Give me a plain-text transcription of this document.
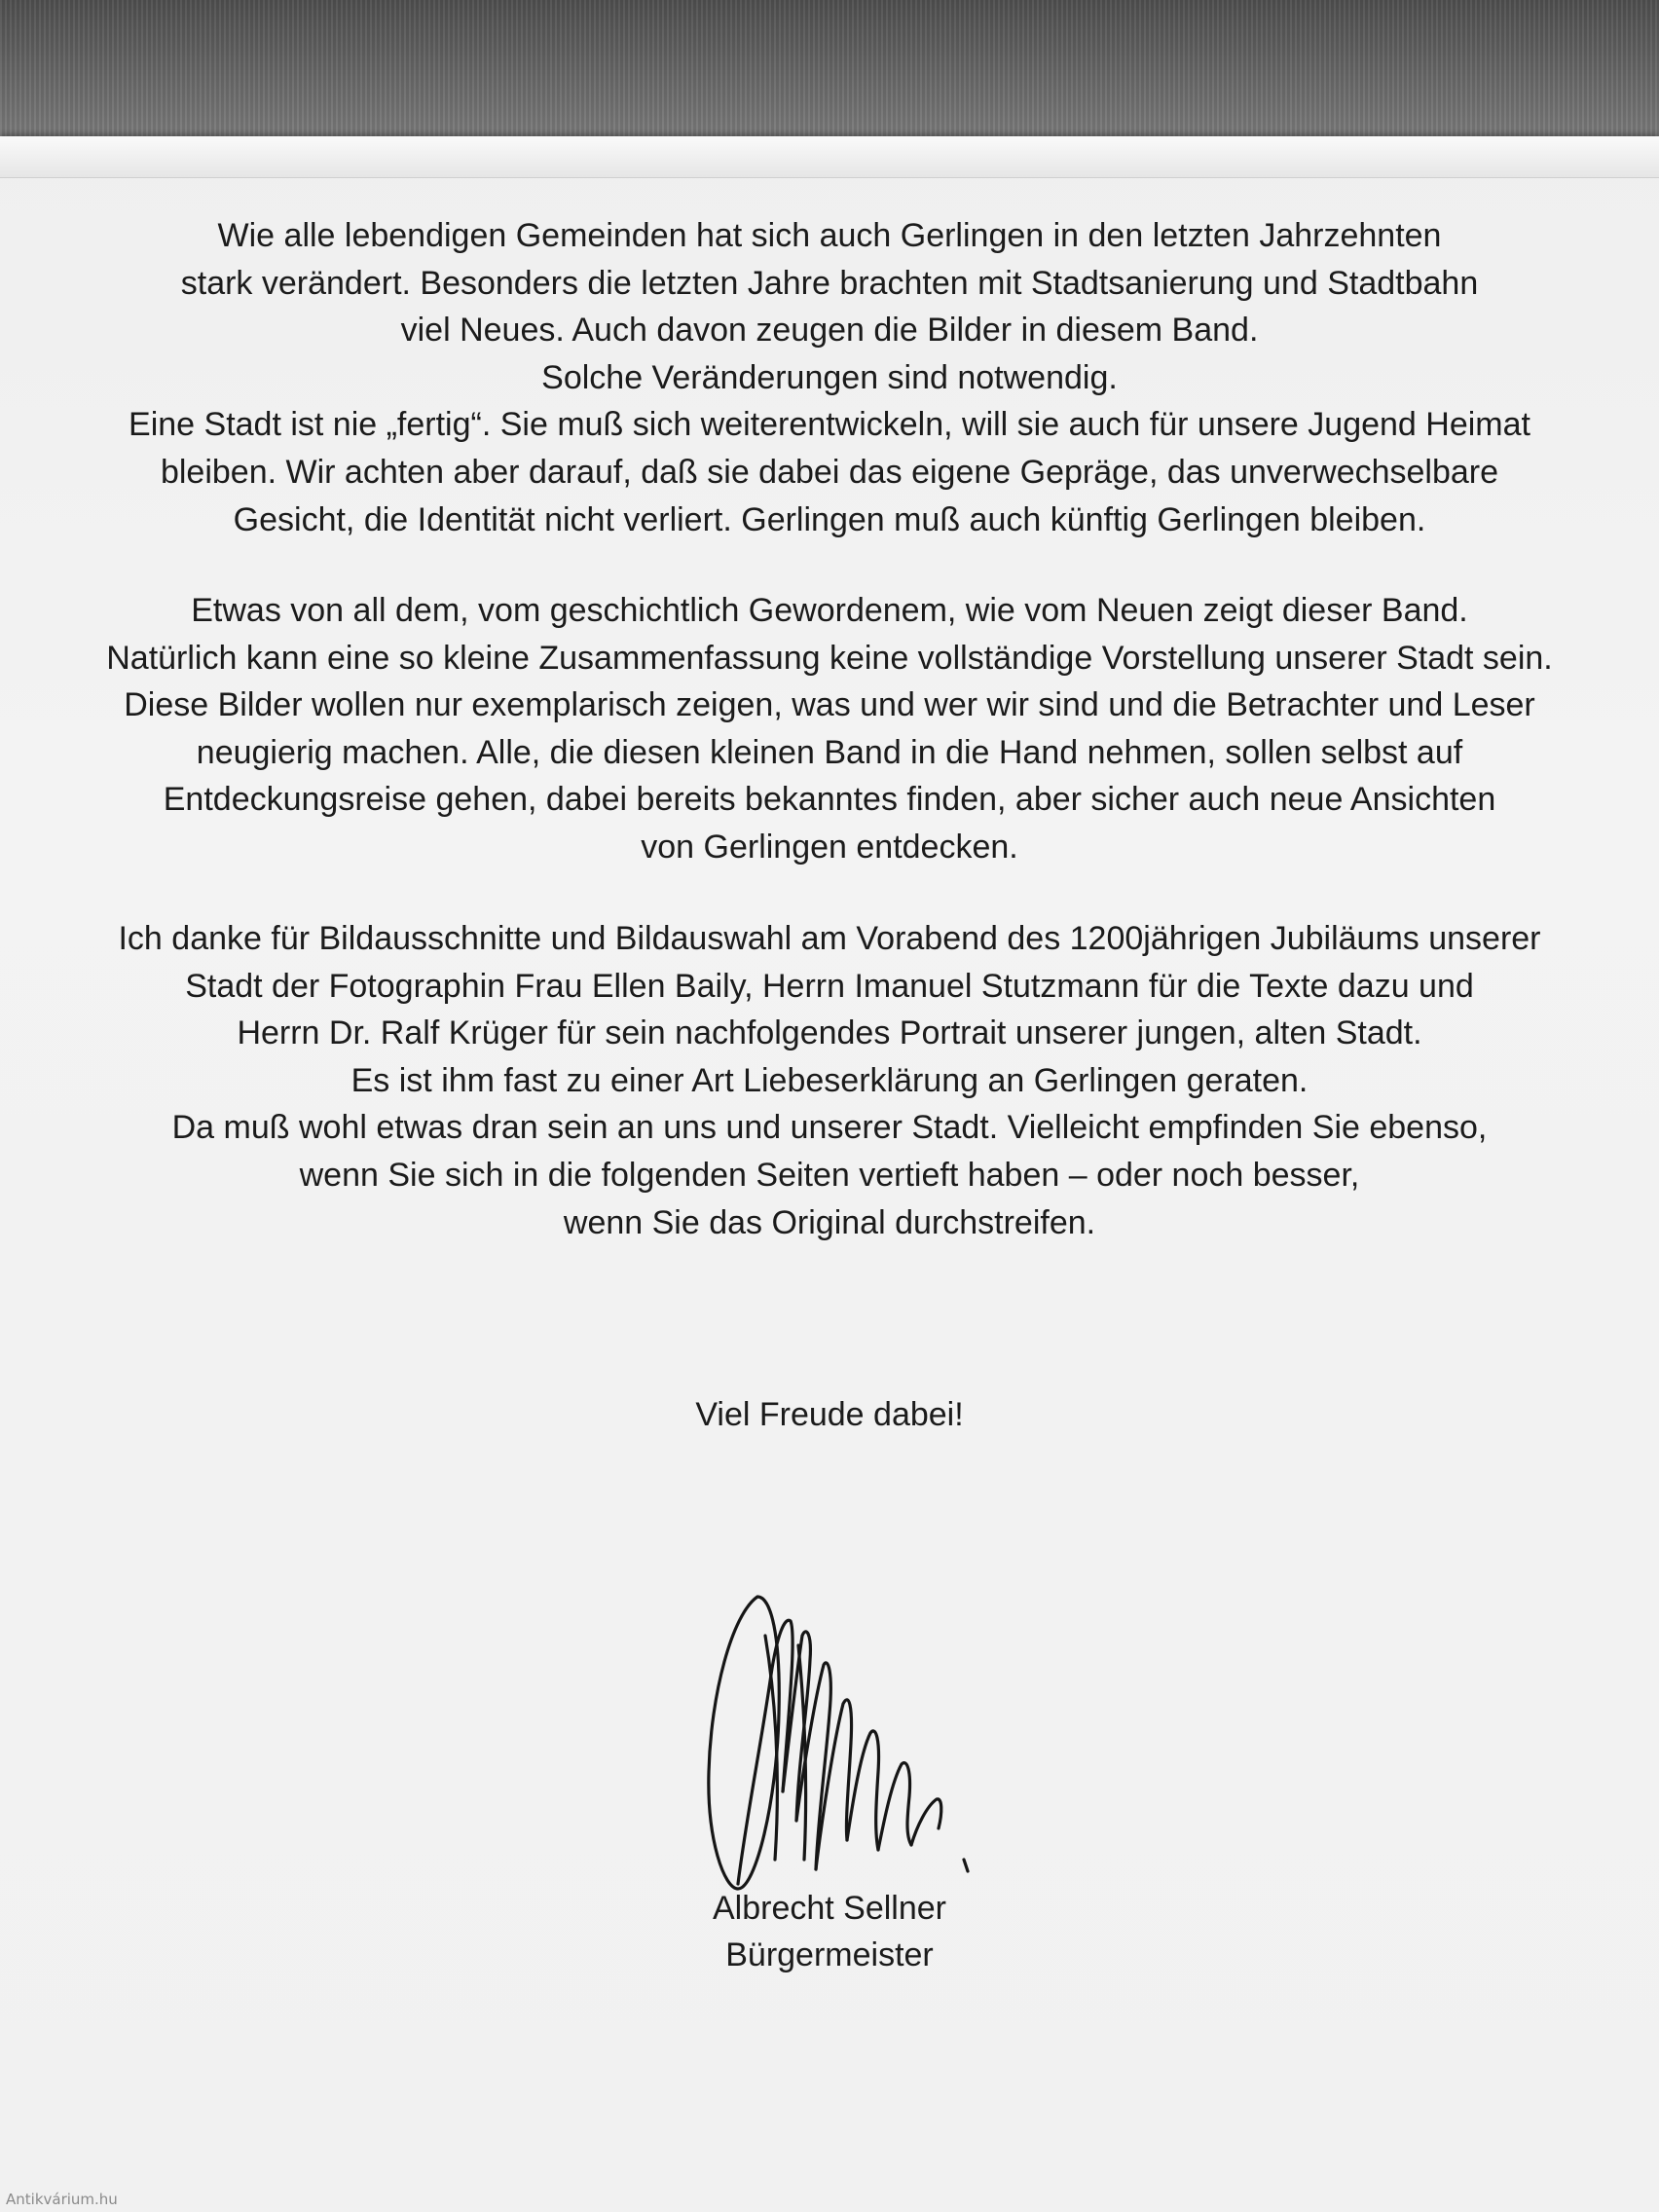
Wie alle lebendigen Gemeinden hat sich auch Gerlingen in den letzten Jahrzehnten
stark verändert. Besonders die letzten Jahre brachten mit Stadtsanierung und Stadtbahn
viel Neues. Auch davon zeugen die Bilder in diesem Band.
Solche Veränderungen sind notwendig.
Eine Stadt ist nie „fertig“. Sie muß sich weiterentwickeln, will sie auch für unsere Jugend Heimat
bleiben. Wir achten aber darauf, daß sie dabei das eigene Gepräge, das unverwechselbare
Gesicht, die Identität nicht verliert. Gerlingen muß auch künftig Gerlingen bleiben.
Etwas von all dem, vom geschichtlich Gewordenem, wie vom Neuen zeigt dieser Band.
Natürlich kann eine so kleine Zusammenfassung keine vollständige Vorstellung unserer Stadt sein.
Diese Bilder wollen nur exemplarisch zeigen, was und wer wir sind und die Betrachter und Leser
neugierig machen. Alle, die diesen kleinen Band in die Hand nehmen, sollen selbst auf
Entdeckungsreise gehen, dabei bereits bekanntes finden, aber sicher auch neue Ansichten
von Gerlingen entdecken.
Ich danke für Bildausschnitte und Bildauswahl am Vorabend des 1200jährigen Jubiläums unserer
Stadt der Fotographin Frau Ellen Baily, Herrn Imanuel Stutzmann für die Texte dazu und
Herrn Dr. Ralf Krüger für sein nachfolgendes Portrait unserer jungen, alten Stadt.
Es ist ihm fast zu einer Art Liebeserklärung an Gerlingen geraten.
Da muß wohl etwas dran sein an uns und unserer Stadt. Vielleicht empfinden Sie ebenso,
wenn Sie sich in die folgenden Seiten vertieft haben – oder noch besser,
wenn Sie das Original durchstreifen.
Viel Freude dabei!
Albrecht Sellner
Bürgermeister
Antikvárium.hu
